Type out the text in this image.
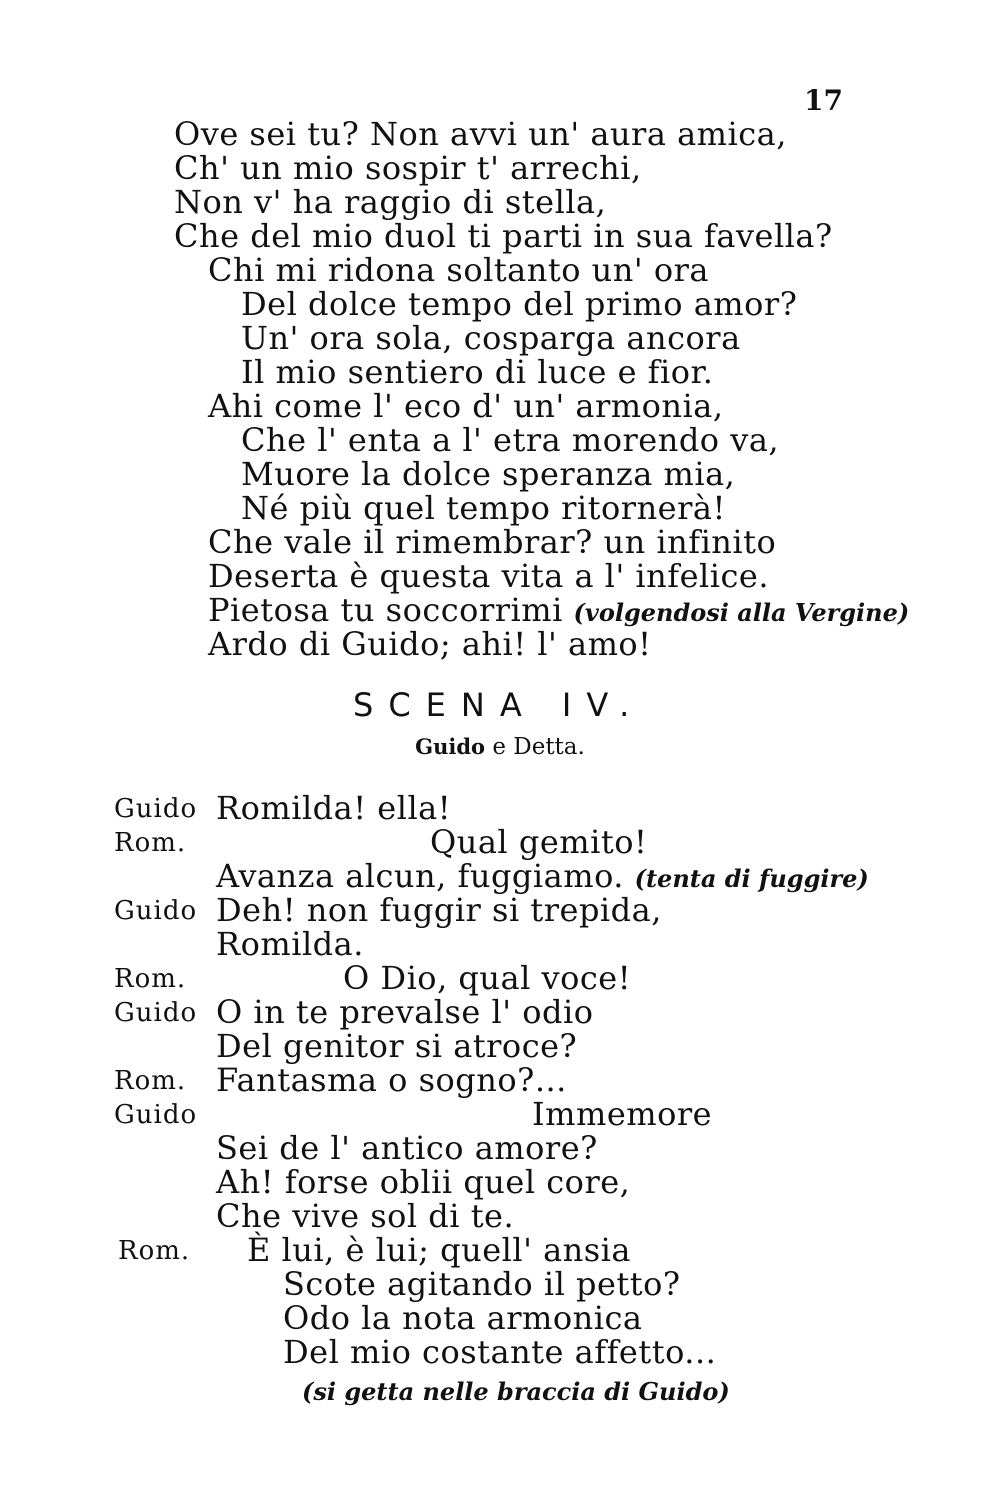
17
Ove sei tu? Non avvi un' aura amica,
Ch' un mio sospir t' arrechi,
Non v' ha raggio di stella,
Che del mio duol ti parti in sua favella?
Chi mi ridona soltanto un' ora
Del dolce tempo del primo amor?
Un' ora sola, cosparga ancora
Il mio sentiero di luce e fior.
Ahi come l' eco d' un' armonia,
Che l' enta a l' etra morendo va,
Muore la dolce speranza mia,
Né più quel tempo ritornerà!
Che vale il rimembrar? un infinito
Deserta è questa vita a l' infelice.
Pietosa tu soccorrimi (volgendosi alla Vergine)
Ardo di Guido; ahi! l' amo!
SCENA IV.
Guido e Detta.
Guido Romilda! ella!
Rom.	Qual gemito!
Avanza alcun, fuggiamo. (tenta di fuggire)
Guido Deh! non fuggir si trepida,
Romilda.
Rom.	O Dio, qual voce!
Guido O in te prevalse l' odio
Del genitor si atroce?
Rom. Fantasma o sogno?...
Guido	Immemore
Sei de l' antico amore?
Ah! forse oblii quel core,
Che vive sol di te.
Rom. È lui, è lui; quell' ansia
Scote agitando il petto?
Odo la nota armonica
Del mio costante affetto...
(si getta nelle braccia di Guido)
